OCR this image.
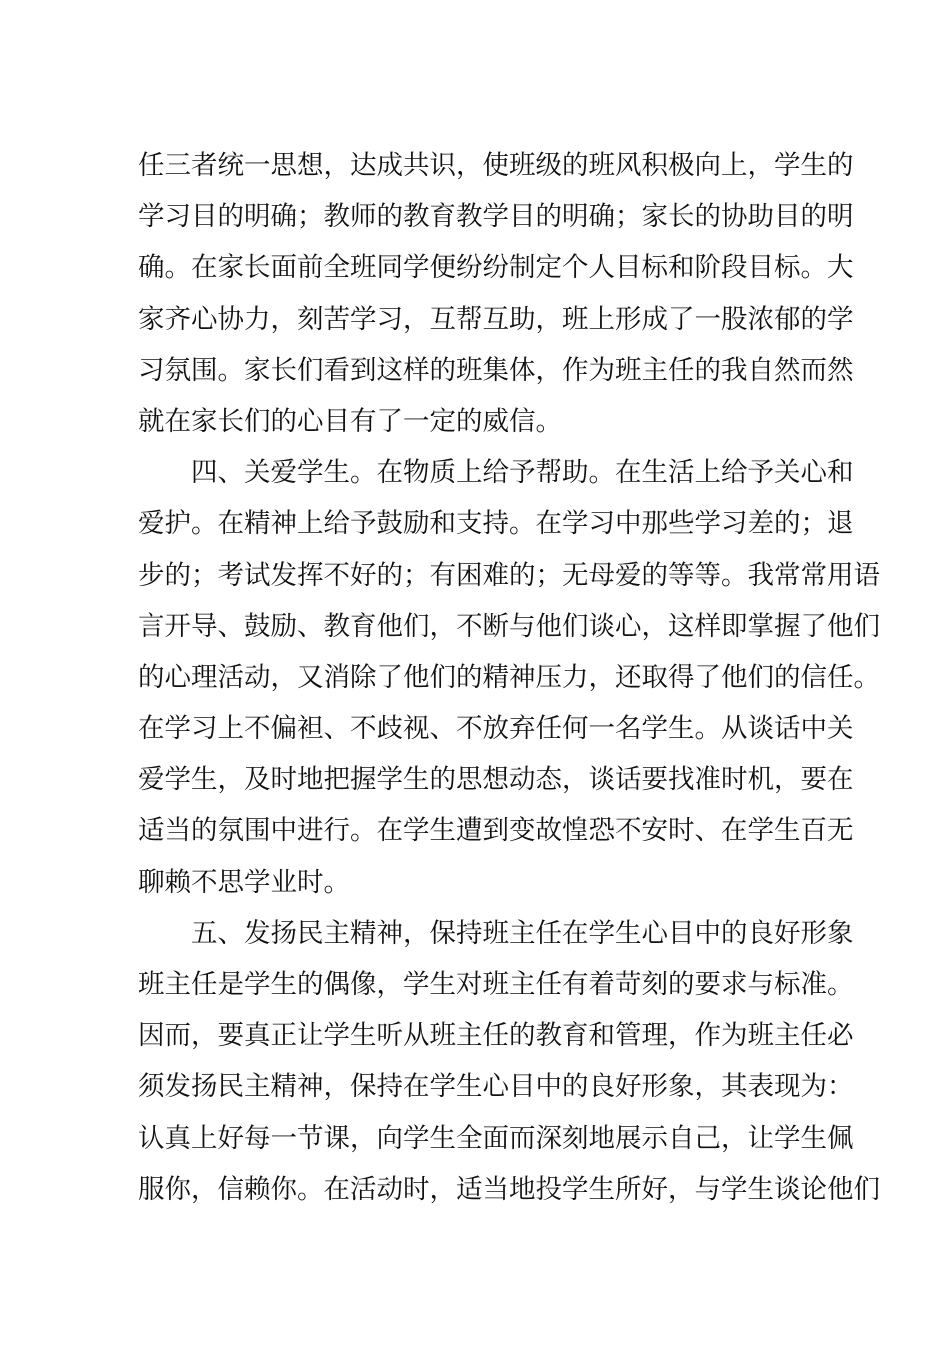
任三者统一思想，达成共识，使班级的班风积极向上，学生的
学习目的明确；教师的教育教学目的明确；家长的协助目的明
确。在家长面前全班同学便纷纷制定个人目标和阶段目标。大
家齐心协力，刻苦学习，互帮互助，班上形成了一股浓郁的学
习氛围。家长们看到这样的班集体，作为班主任的我自然而然
就在家长们的心目有了一定的威信。
　　四、关爱学生。在物质上给予帮助。在生活上给予关心和
爱护。在精神上给予鼓励和支持。在学习中那些学习差的；退
步的；考试发挥不好的；有困难的；无母爱的等等。我常常用语
言开导、鼓励、教育他们，不断与他们谈心，这样即掌握了他们
的心理活动，又消除了他们的精神压力，还取得了他们的信任。
在学习上不偏袒、不歧视、不放弃任何一名学生。从谈话中关
爱学生，及时地把握学生的思想动态，谈话要找准时机，要在
适当的氛围中进行。在学生遭到变故惶恐不安时、在学生百无
聊赖不思学业时。
　　五、发扬民主精神，保持班主任在学生心目中的良好形象
班主任是学生的偶像，学生对班主任有着苛刻的要求与标准。
因而，要真正让学生听从班主任的教育和管理，作为班主任必
须发扬民主精神，保持在学生心目中的良好形象，其表现为：
认真上好每一节课，向学生全面而深刻地展示自己，让学生佩
服你，信赖你。在活动时，适当地投学生所好，与学生谈论他们
